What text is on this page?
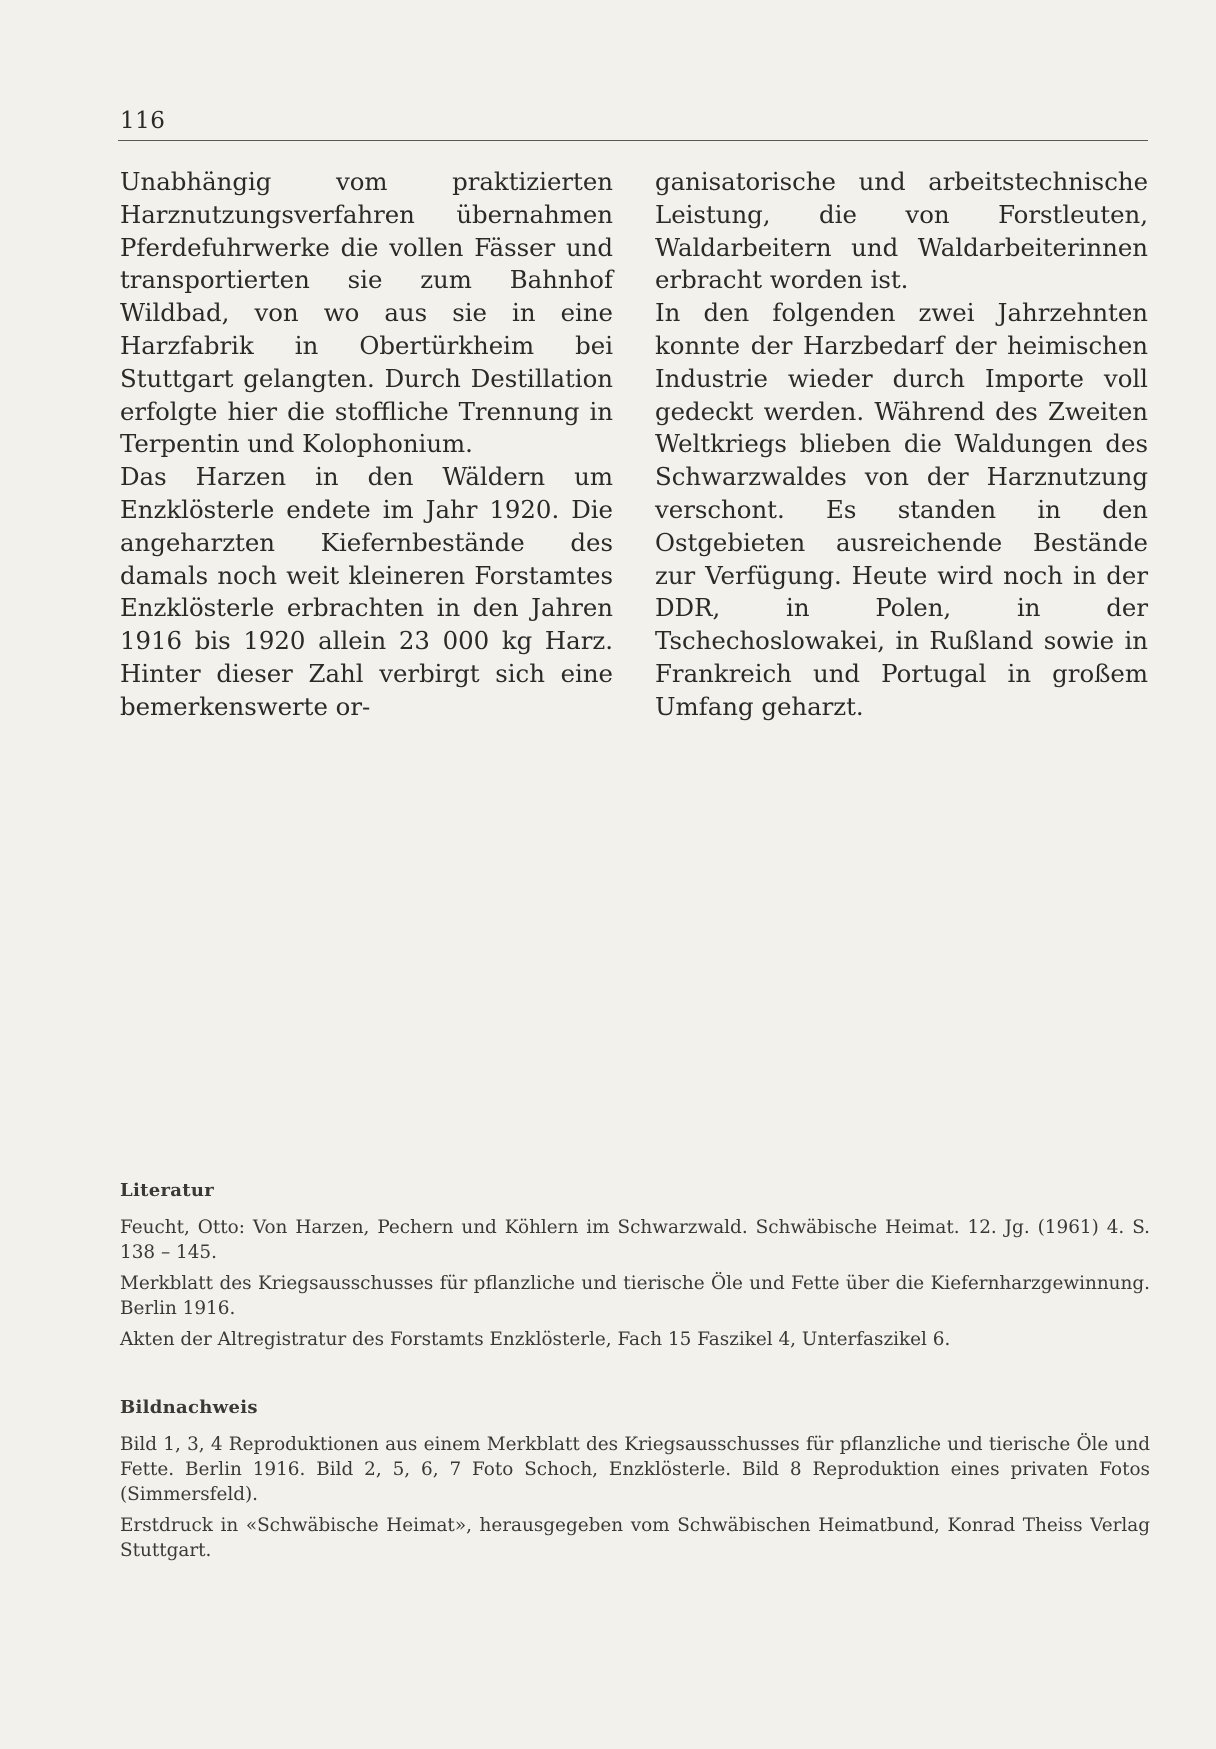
116

Unabhängig vom praktizierten Harznutzungsverfahren übernahmen Pferdefuhrwerke die vollen Fässer und transportierten sie zum Bahnhof Wildbad, von wo aus sie in eine Harzfabrik in Obertürkheim bei Stuttgart gelangten. Durch Destillation erfolgte hier die stoffliche Trennung in Terpentin und Kolophonium.

Das Harzen in den Wäldern um Enzklösterle endete im Jahr 1920. Die angeharzten Kiefernbestände des damals noch weit kleineren Forstamtes Enzklösterle erbrachten in den Jahren 1916 bis 1920 allein 23 000 kg Harz. Hinter dieser Zahl verbirgt sich eine bemerkenswerte or-

ganisatorische und arbeitstechnische Leistung, die von Forstleuten, Waldarbeitern und Waldarbeiterinnen erbracht worden ist.

In den folgenden zwei Jahrzehnten konnte der Harzbedarf der heimischen Industrie wieder durch Importe voll gedeckt werden. Während des Zweiten Weltkriegs blieben die Waldungen des Schwarzwaldes von der Harznutzung verschont. Es standen in den Ostgebieten ausreichende Bestände zur Verfügung. Heute wird noch in der DDR, in Polen, in der Tschechoslowakei, in Rußland sowie in Frankreich und Portugal in großem Umfang geharzt.

Literatur

Feucht, Otto: Von Harzen, Pechern und Köhlern im Schwarzwald. Schwäbische Heimat. 12. Jg. (1961) 4. S. 138 – 145.

Merkblatt des Kriegsausschusses für pflanzliche und tierische Öle und Fette über die Kiefernharzgewinnung. Berlin 1916.

Akten der Altregistratur des Forstamts Enzklösterle, Fach 15 Faszikel 4, Unterfaszikel 6.

Bildnachweis

Bild 1, 3, 4 Reproduktionen aus einem Merkblatt des Kriegsausschusses für pflanzliche und tierische Öle und Fette. Berlin 1916. Bild 2, 5, 6, 7 Foto Schoch, Enzklösterle. Bild 8 Reproduktion eines privaten Fotos (Simmersfeld).

Erstdruck in «Schwäbische Heimat», herausgegeben vom Schwäbischen Heimatbund, Konrad Theiss Verlag Stuttgart.
